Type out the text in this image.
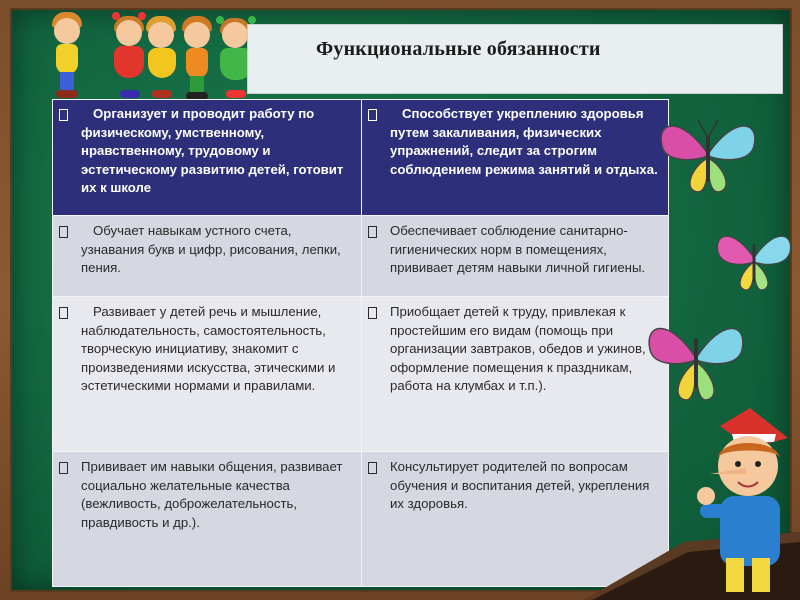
Функциональные обязанности
Организует и проводит работу по физическому, умственному, нравственному, трудовому и эстетическому развитию детей, готовит их к школе	Способствует укреплению здоровья путем закаливания, физических упражнений, следит за строгим соблюдением режима занятий и отдыха.

Обучает навыкам устного счета, узнавания букв и цифр, рисования, лепки, пения.	Обеспечивает соблюдение санитарно-гигиенических норм в помещениях, прививает детям навыки личной гигиены.

Развивает у детей речь и мышление, наблюдательность, самостоятельность, творческую инициативу, знакомит с произведениями искусства, этическими и эстетическими нормами и правилами.	Приобщает детей к труду, привлекая к простейшим его видам (помощь при организации завтраков, обедов и ужинов, оформление помещения к праздникам, работа на клумбах и т.п.).

Прививает им навыки общения, развивает социально желательные качества (вежливость, доброжелательность, правдивость и др.).	Консультирует родителей по вопросам обучения и воспитания детей, укрепления их здоровья.
